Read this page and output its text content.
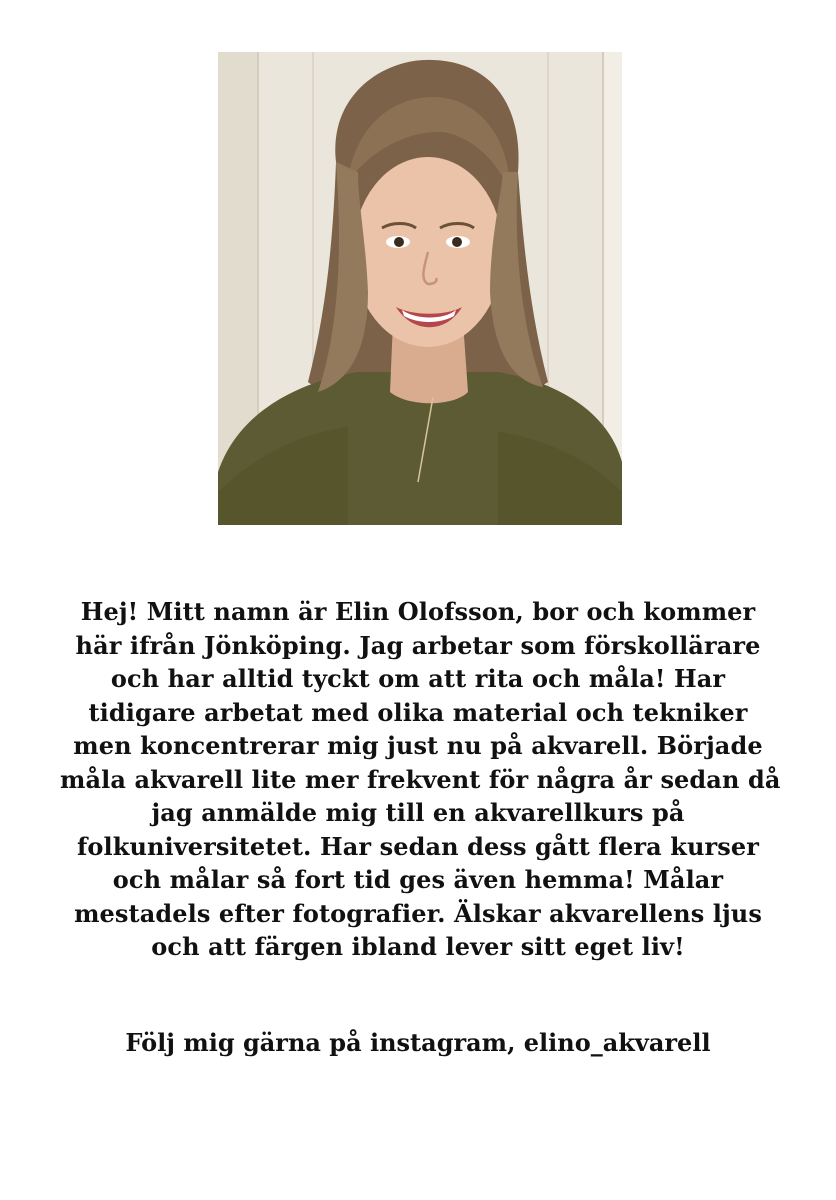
Hej! Mitt namn är Elin Olofsson, bor och kommer
här ifrån Jönköping. Jag arbetar som förskollärare
och har alltid tyckt om att rita och måla! Har
tidigare arbetat med olika material och tekniker
men koncentrerar mig just nu på akvarell. Började
måla akvarell lite mer frekvent för några år sedan då
jag anmälde mig till en akvarellkurs på
folkuniversitetet. Har sedan dess gått flera kurser
och målar så fort tid ges även hemma! Målar
mestadels efter fotografier. Älskar akvarellens ljus
och att färgen ibland lever sitt eget liv!

Följ mig gärna på instagram, elino_akvarell
